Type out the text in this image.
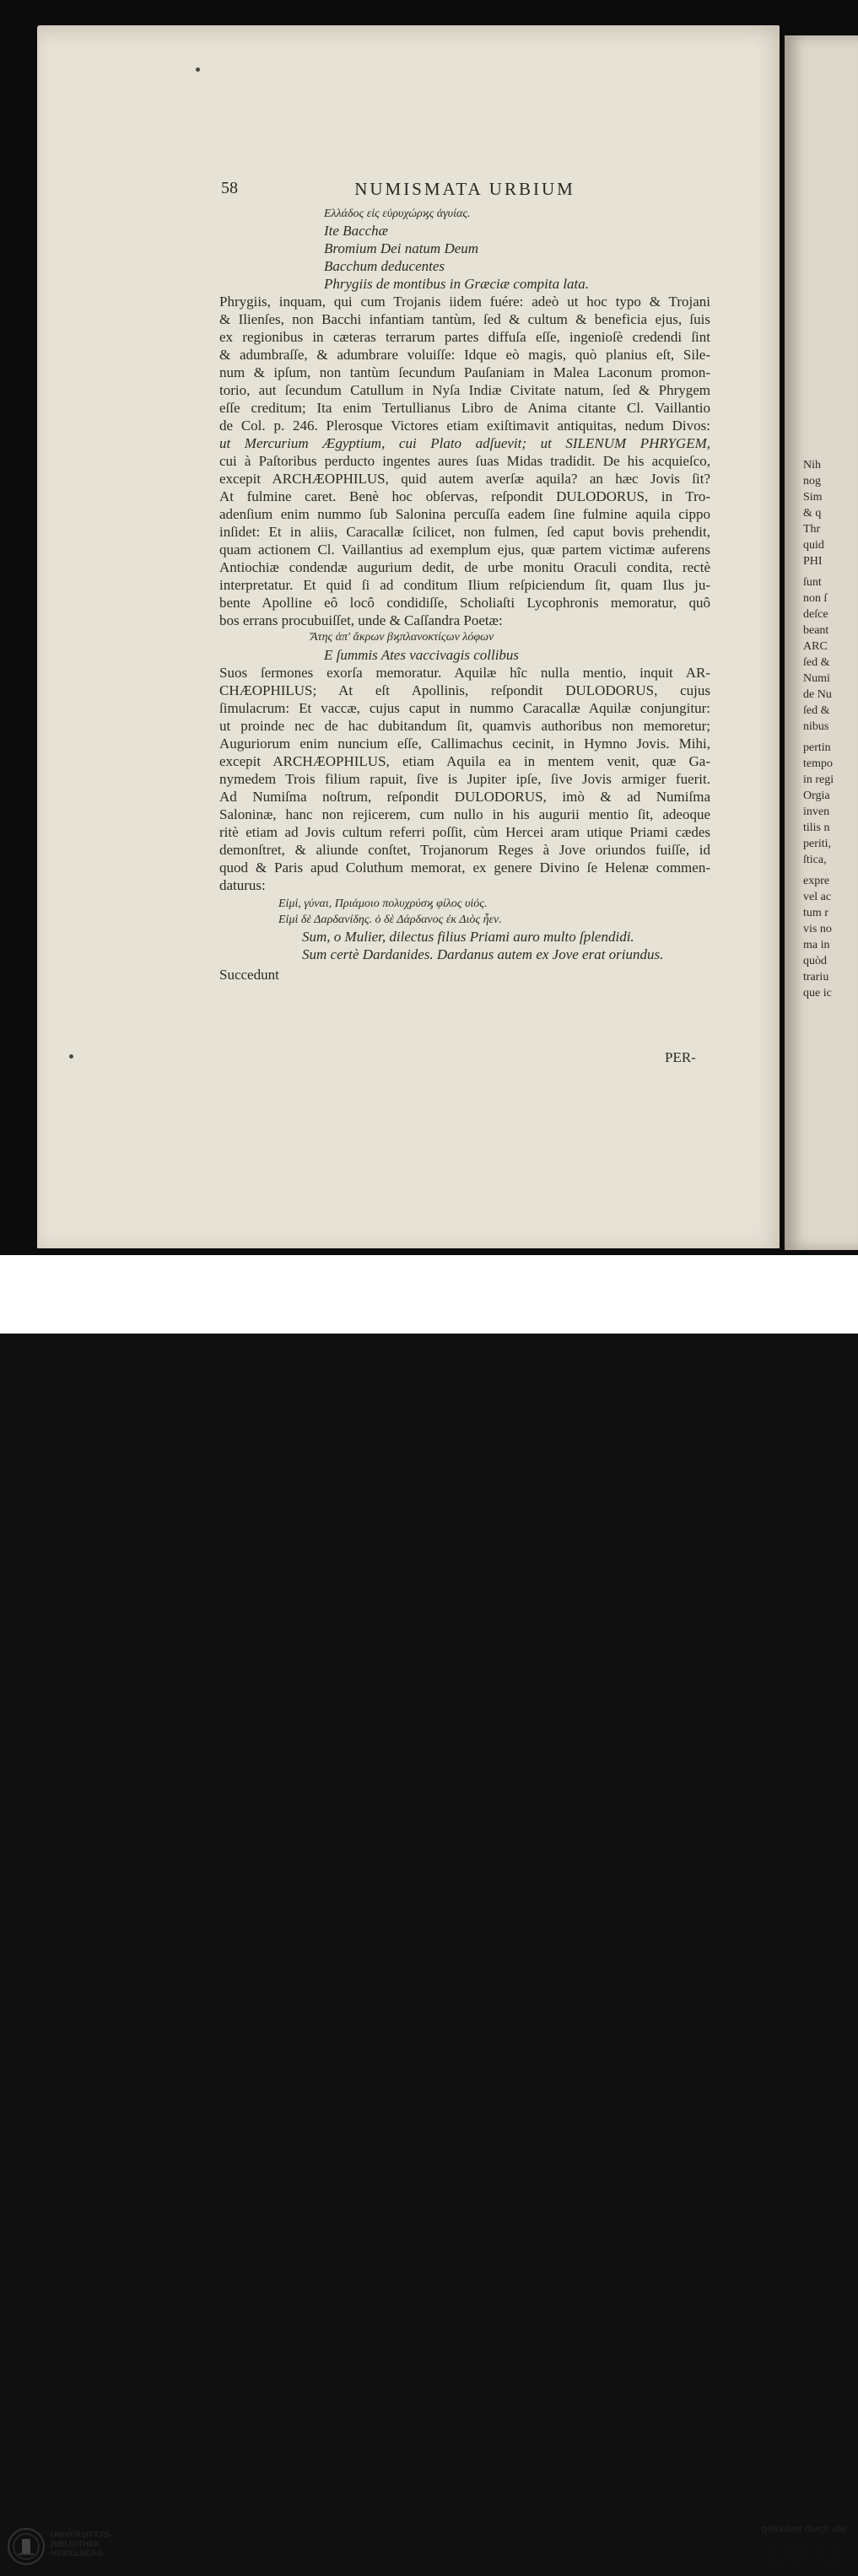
58	NUMISMATA URBIUM
Ελλάδος εἰς εὐρυχώρϗς ἀγυίας.
Ite Bacchæ
Bromium Dei natum Deum
Bacchum deducentes
Phrygiis de montibus in Græciæ compita lata.
Phrygiis, inquam, qui cum Trojanis iidem fuére: adeò ut hoc typo & Trojani
& Ilienſes, non Bacchi infantiam tantùm, ſed & cultum & beneficia ejus, ſuis
ex regionibus in cæteras terrarum partes diffuſa eſſe, ingenioſè credendi ſint
& adumbraſſe, & adumbrare voluiſſe: Idque eò magis, quò planius eſt, Sile-
num & ipſum, non tantùm ſecundum Pauſaniam in Malea Laconum promon-
torio, aut ſecundum Catullum in Nyſa Indiæ Civitate natum, ſed & Phrygem
eſſe creditum; Ita enim Tertullianus Libro de Anima citante Cl. Vaillantio
de Col. p. 246. Plerosque Victores etiam exiſtimavit antiquitas, nedum Divos:
ut Mercurium Ægyptium, cui Plato adſuevit; ut SILENUM PHRYGEM,
cui à Paſtoribus perducto ingentes aures ſuas Midas tradidit. De his acquieſco,
excepit ARCHÆOPHILUS, quid autem averſæ aquila? an hæc Jovis ſit?
At fulmine caret. Benè hoc obſervas, reſpondit DULODORUS, in Tro-
adenſium enim nummo ſub Salonina percuſſa eadem ſine fulmine aquila cippo
inſidet: Et in aliis, Caracallæ ſcilicet, non fulmen, ſed caput bovis prehendit,
quam actionem Cl. Vaillantius ad exemplum ejus, quæ partem victimæ auferens
Antiochiæ condendæ augurium dedit, de urbe monitu Oraculi condita, rectè
interpretatur. Et quid ſi ad conditum Ilium reſpiciendum ſit, quam Ilus ju-
bente Apolline eô locô condidiſſe, Scholiaſti Lycophronis memoratur, quô
bos errans procubuiſſet, unde & Caſſandra Poetæ:
Ἄτης ἀπ' ἄκρων βϗπλανοκτίςων λόφων
E ſummis Ates vaccivagis collibus
Suos ſermones exorſa memoratur. Aquilæ hîc nulla mentio, inquit AR-
CHÆOPHILUS; At eſt Apollinis, reſpondit DULODORUS, cujus
ſimulacrum: Et vaccæ, cujus caput in nummo Caracallæ Aquilæ conjungitur:
ut proinde nec de hac dubitandum ſit, quamvis authoribus non memoretur;
Auguriorum enim nuncium eſſe, Callimachus cecinit, in Hymno Jovis. Mihi,
excepit ARCHÆOPHILUS, etiam Aquila ea in mentem venit, quæ Ga-
nymedem Trois filium rapuit, ſive is Jupiter ipſe, ſive Jovis armiger fuerit.
Ad Numiſma noſtrum, reſpondit DULODORUS, imò & ad Numiſma
Saloninæ, hanc non rejicerem, cum nullo in his augurii mentio ſit, adeoque
ritè etiam ad Jovis cultum referri poſſit, cùm Hercei aram utique Priami cædes
demonſtret, & aliunde conſtet, Trojanorum Reges à Jove oriundos fuiſſe, id
quod & Paris apud Coluthum memorat, ex genere Divino ſe Helenæ commen-
daturus:
Εἰμὶ, γύναι, Πριάμοιο πολυχρύσϗ φίλος υἱός.
Εἰμὶ δὲ Δαρδανίδης. ὁ δὲ Δάρδανος ἐκ Διὸς ἦεν.
Sum, o Mulier, dilectus filius Priami auro multo ſplendidi.
Sum certè Dardanides. Dardanus autem ex Jove erat oriundus.
Succedunt
PER-
Nih
nog
Sim
& q
Thr
quid
PHI
ſunt
non ſ
deſce
beant
ARC
ſed &
Numi
de Nu
ſed &
nibus
pertin
tempo
in regi
Orgia
inven
tilis n
periti,
ſtica,
expre
vel ac
tum r
vis no
ma in
quòd
trariu
que ic
UNIVERSITÄTS-
BIBLIOTHEK
HEIDELBERG
http://digi.ub.uni-heidelberg.de/diglit/beger1791bd3/0069
gefördert durch die
DFG
